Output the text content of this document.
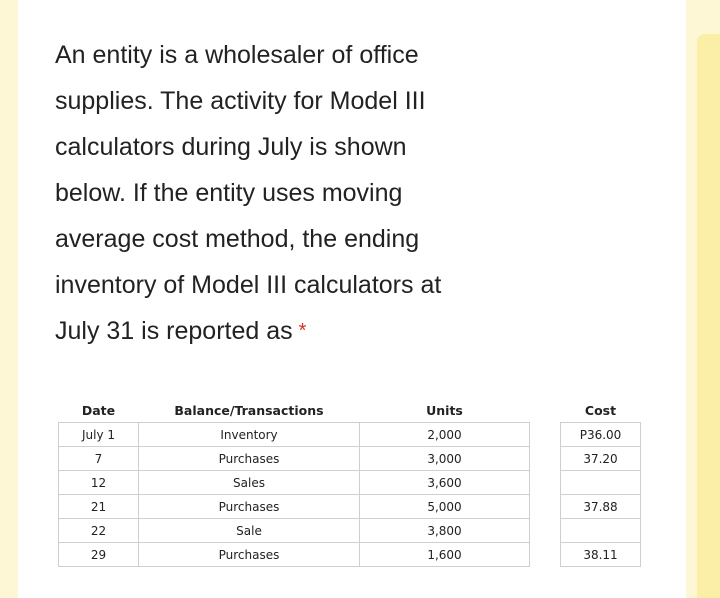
An entity is a wholesaler of office
supplies. The activity for Model III
calculators during July is shown
below. If the entity uses moving
average cost method, the ending
inventory of Model III calculators at
July 31 is reported as *
Date	Balance/Transactions	Units		Cost
July 1	Inventory	2,000		P36.00
7	Purchases	3,000		37.20
12	Sales	3,600		
21	Purchases	5,000		37.88
22	Sale	3,800		
29	Purchases	1,600		38.11
